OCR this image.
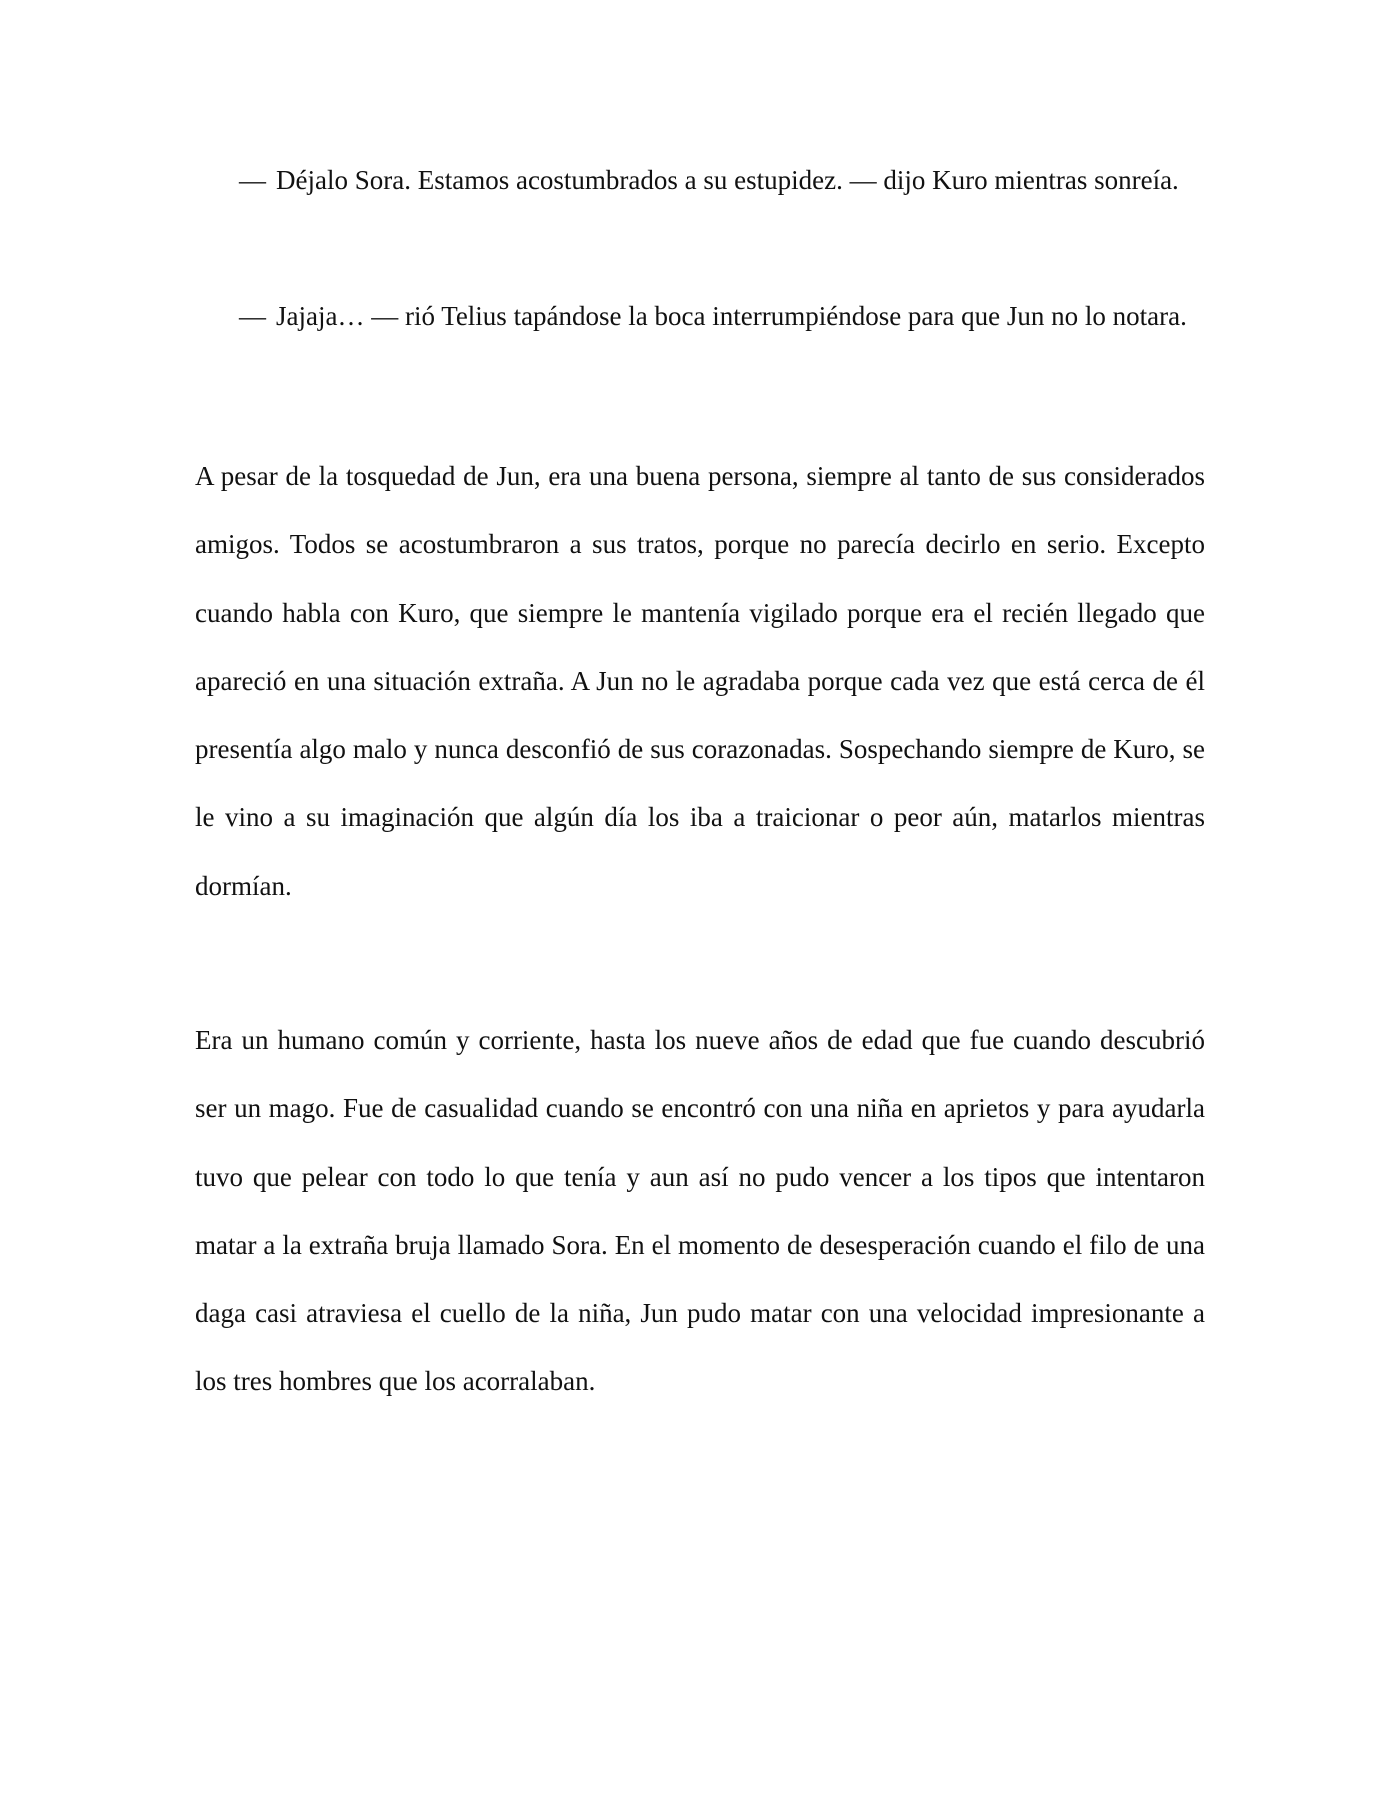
— Déjalo Sora. Estamos acostumbrados a su estupidez. — dijo Kuro mientras sonreía.
— Jajaja… — rió Telius tapándose la boca interrumpiéndose para que Jun no lo notara.

A pesar de la tosquedad de Jun, era una buena persona, siempre al tanto de sus considerados amigos. Todos se acostumbraron a sus tratos, porque no parecía decirlo en serio. Excepto cuando habla con Kuro, que siempre le mantenía vigilado porque era el recién llegado que apareció en una situación extraña. A Jun no le agradaba porque cada vez que está cerca de él presentía algo malo y nunca desconfió de sus corazonadas. Sospechando siempre de Kuro, se le vino a su imaginación que algún día los iba a traicionar o peor aún, matarlos mientras dormían.

Era un humano común y corriente, hasta los nueve años de edad que fue cuando descubrió ser un mago. Fue de casualidad cuando se encontró con una niña en aprietos y para ayudarla tuvo que pelear con todo lo que tenía y aun así no pudo vencer a los tipos que intentaron matar a la extraña bruja llamado Sora. En el momento de desesperación cuando el filo de una daga casi atraviesa el cuello de la niña, Jun pudo matar con una velocidad impresionante a los tres hombres que los acorralaban.
